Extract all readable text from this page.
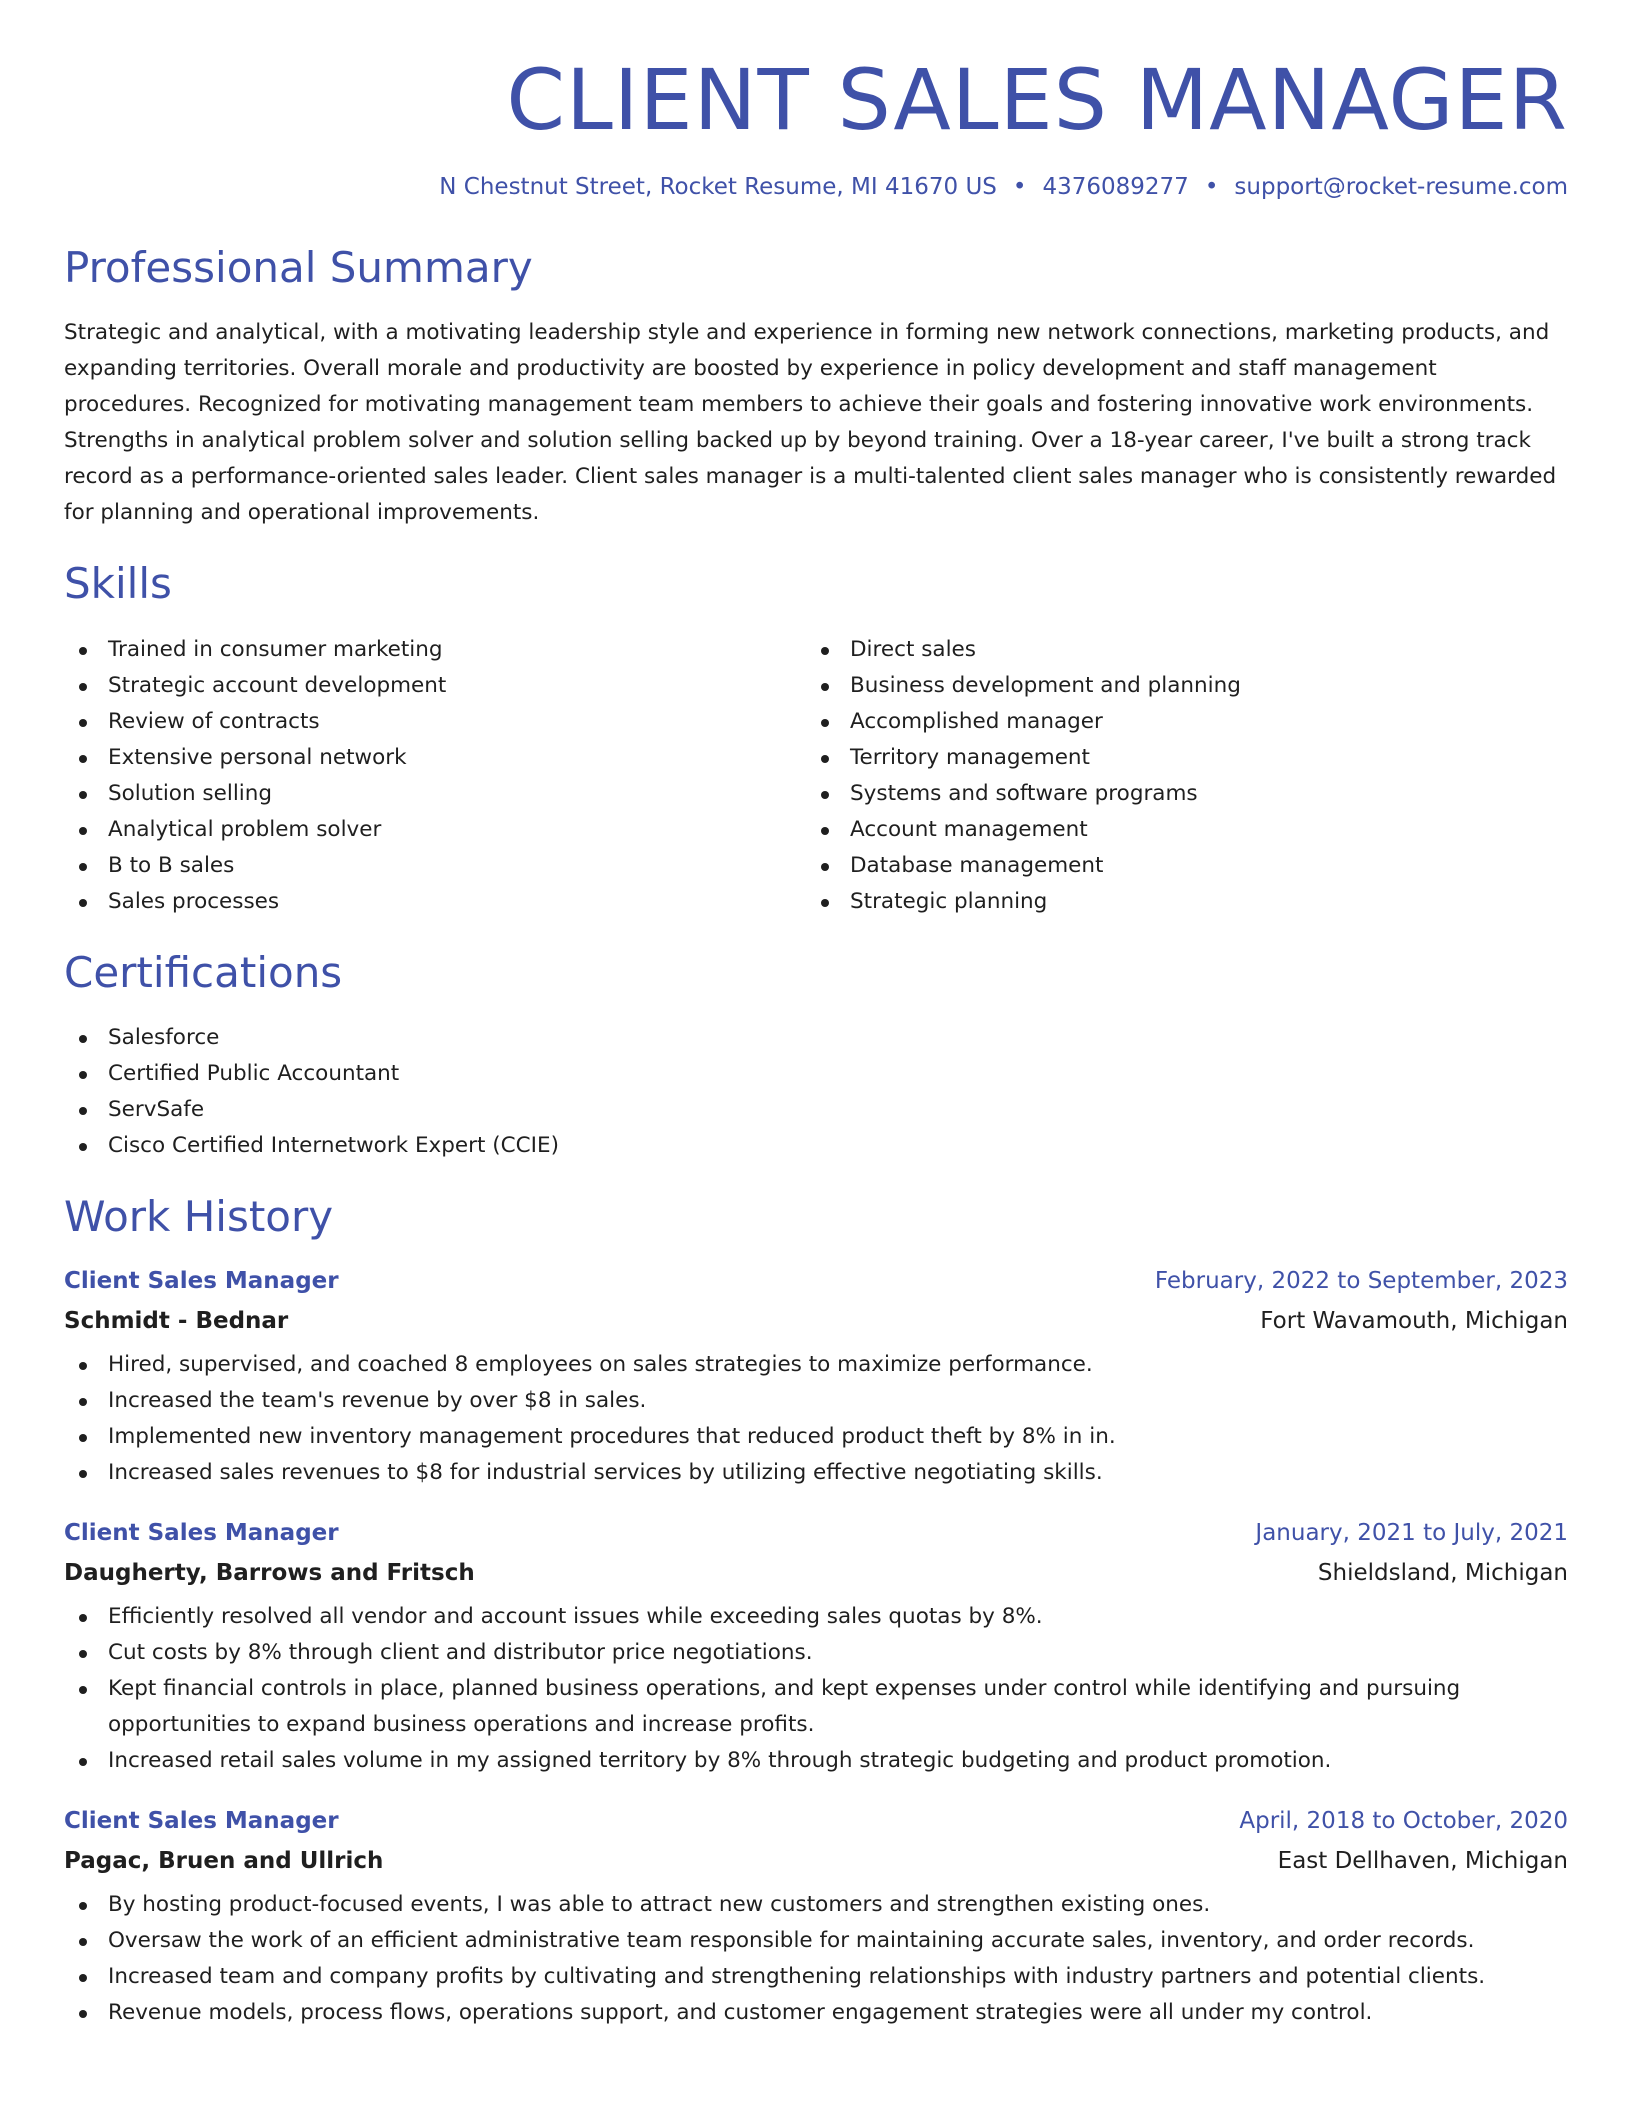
CLIENT SALES MANAGER
N Chestnut Street, Rocket Resume, MI 41670 US • 4376089277 • support@rocket-resume.com
Professional Summary

Strategic and analytical, with a motivating leadership style and experience in forming new network connections, marketing products, and expanding territories. Overall morale and productivity are boosted by experience in policy development and staff management procedures. Recognized for motivating management team members to achieve their goals and fostering innovative work environments. Strengths in analytical problem solver and solution selling backed up by beyond training. Over a 18-year career, I've built a strong track record as a performance-oriented sales leader. Client sales manager is a multi-talented client sales manager who is consistently rewarded for planning and operational improvements.

Skills
Trained in consumer marketing
Strategic account development
Review of contracts
Extensive personal network
Solution selling
Analytical problem solver
B to B sales
Sales processes
Direct sales
Business development and planning
Accomplished manager
Territory management
Systems and software programs
Account management
Database management
Strategic planning
Certifications
Salesforce
Certified Public Accountant
ServSafe
Cisco Certified Internetwork Expert (CCIE)
Work History
Client Sales Manager	February, 2022 to September, 2023
Schmidt - Bednar	Fort Wavamouth, Michigan
Hired, supervised, and coached 8 employees on sales strategies to maximize performance.
Increased the team's revenue by over $8 in sales.
Implemented new inventory management procedures that reduced product theft by 8% in in.
Increased sales revenues to $8 for industrial services by utilizing effective negotiating skills.
Client Sales Manager	January, 2021 to July, 2021
Daugherty, Barrows and Fritsch	Shieldsland, Michigan
Efficiently resolved all vendor and account issues while exceeding sales quotas by 8%.
Cut costs by 8% through client and distributor price negotiations.
Kept financial controls in place, planned business operations, and kept expenses under control while identifying and pursuing opportunities to expand business operations and increase profits.
Increased retail sales volume in my assigned territory by 8% through strategic budgeting and product promotion.
Client Sales Manager	April, 2018 to October, 2020
Pagac, Bruen and Ullrich	East Dellhaven, Michigan
By hosting product-focused events, I was able to attract new customers and strengthen existing ones.
Oversaw the work of an efficient administrative team responsible for maintaining accurate sales, inventory, and order records.
Increased team and company profits by cultivating and strengthening relationships with industry partners and potential clients.
Revenue models, process flows, operations support, and customer engagement strategies were all under my control.
